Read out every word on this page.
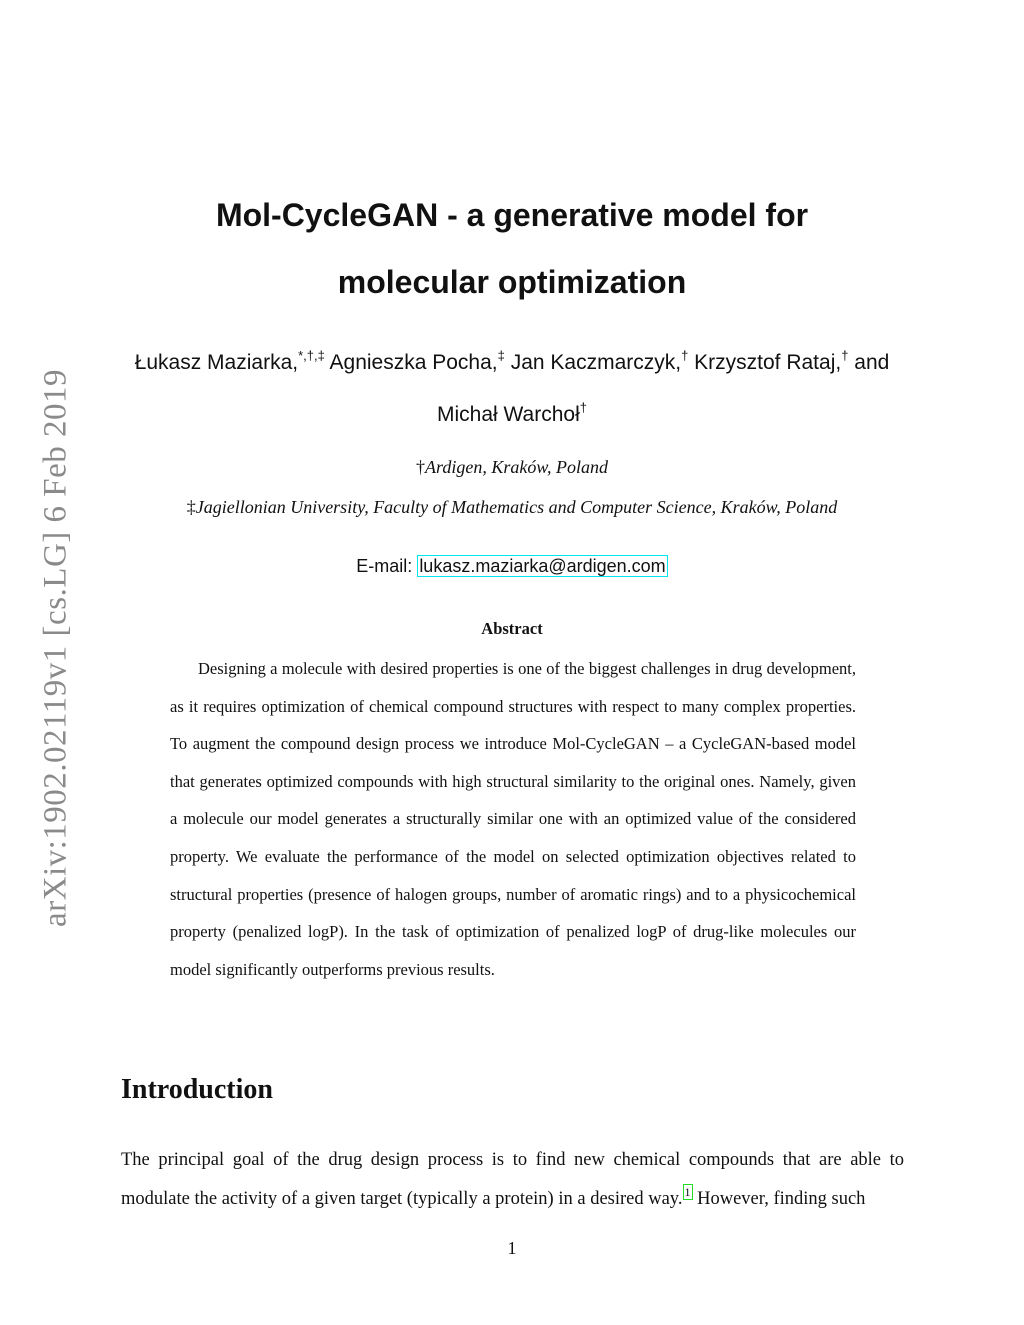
arXiv:1902.02119v1 [cs.LG] 6 Feb 2019
Mol-CycleGAN - a generative model for
molecular optimization

Łukasz Maziarka,*,†,‡ Agnieszka Pocha,‡ Jan Kaczmarczyk,† Krzysztof Rataj,† and Michał Warchoł†

†Ardigen, Kraków, Poland

‡Jagiellonian University, Faculty of Mathematics and Computer Science, Kraków, Poland

E-mail: lukasz.maziarka@ardigen.com

Abstract

Designing a molecule with desired properties is one of the biggest challenges in drug development, as it requires optimization of chemical compound structures with respect to many complex properties. To augment the compound design process we introduce Mol-CycleGAN – a CycleGAN-based model that generates optimized compounds with high structural similarity to the original ones. Namely, given a molecule our model generates a structurally similar one with an optimized value of the considered property. We evaluate the performance of the model on selected optimization objectives related to structural properties (presence of halogen groups, number of aromatic rings) and to a physicochemical property (penalized logP). In the task of optimization of penalized logP of drug-like molecules our model significantly outperforms previous results.

Introduction

The principal goal of the drug design process is to find new chemical compounds that are able to modulate the activity of a given target (typically a protein) in a desired way. $^1$ However, finding such

1
